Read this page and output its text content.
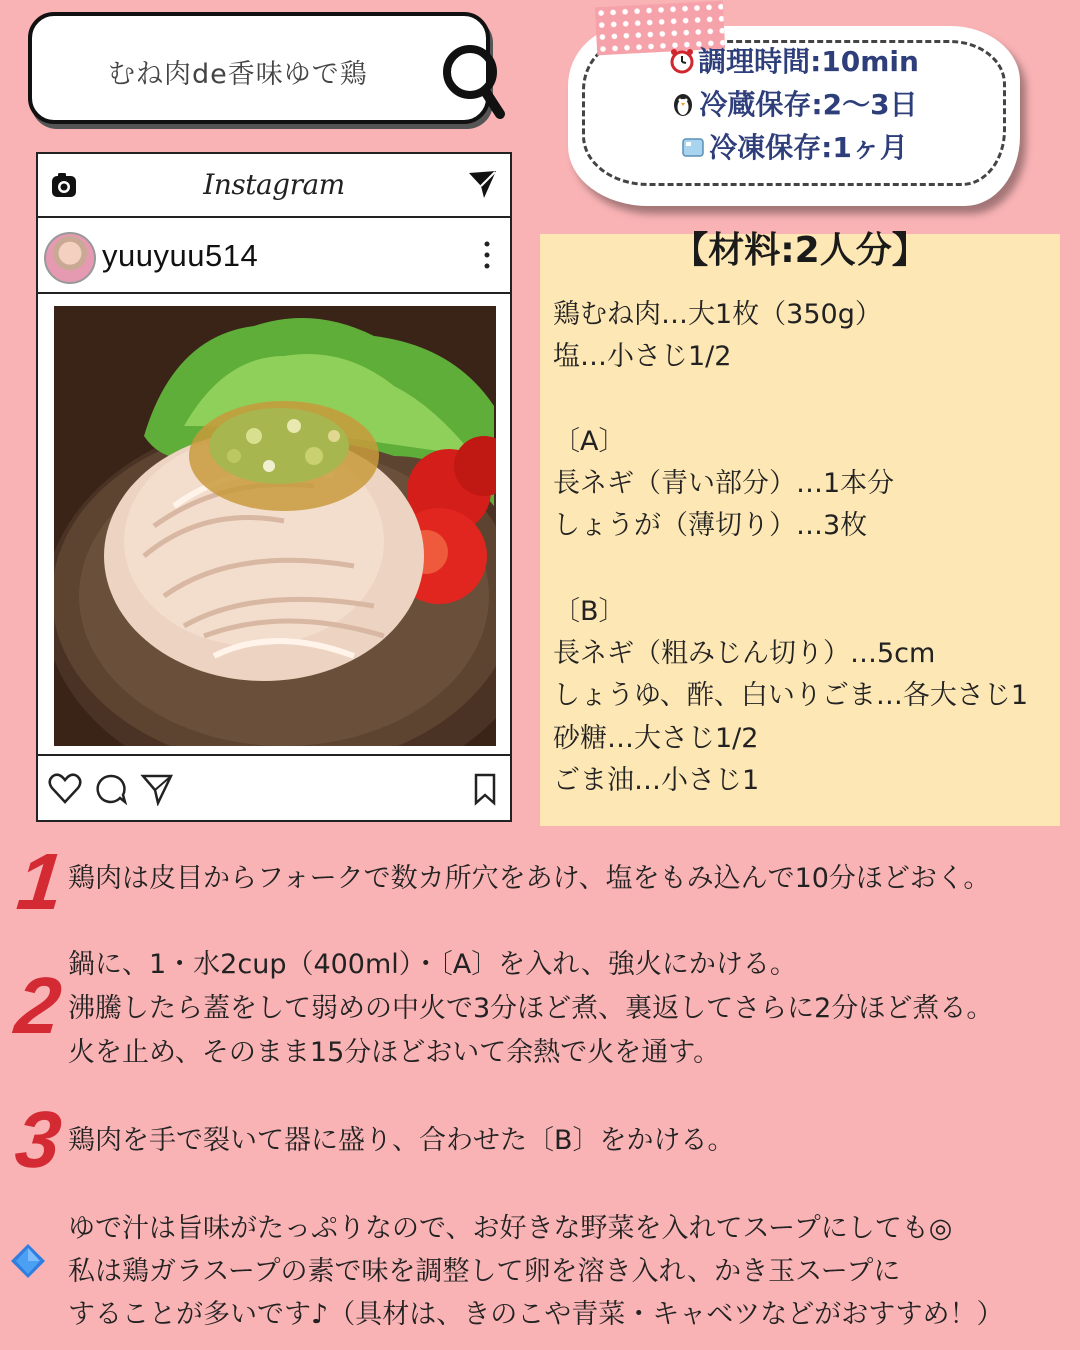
むね肉de香味ゆで鶏	調理時間:10min
冷蔵保存:2〜3日
冷凍保存:1ヶ月
Instagram
yuuyuu514	【材料:2人分】
鶏むね肉…大1枚（350g）
塩…小さじ1/2
〔A〕
長ネギ（青い部分）…1本分
しょうが（薄切り）…3枚
〔B〕
長ネギ（粗みじん切り）…5cm
しょうゆ、酢、白いりごま…各大さじ1
砂糖…大さじ1/2
ごま油…小さじ1
1 鶏肉は皮目からフォークで数カ所穴をあけ、塩をもみ込んで10分ほどおく。
2 鍋に、1・水2cup（400ml）・〔A〕を入れ、強火にかける。
沸騰したら蓋をして弱めの中火で3分ほど煮、裏返してさらに2分ほど煮る。
火を止め、そのまま15分ほどおいて余熱で火を通す。
3 鶏肉を手で裂いて器に盛り、合わせた〔B〕をかける。
ゆで汁は旨味がたっぷりなので、お好きな野菜を入れてスープにしても◎
私は鶏ガラスープの素で味を調整して卵を溶き入れ、かき玉スープに
することが多いです♪（具材は、きのこや青菜・キャベツなどがおすすめ！）
